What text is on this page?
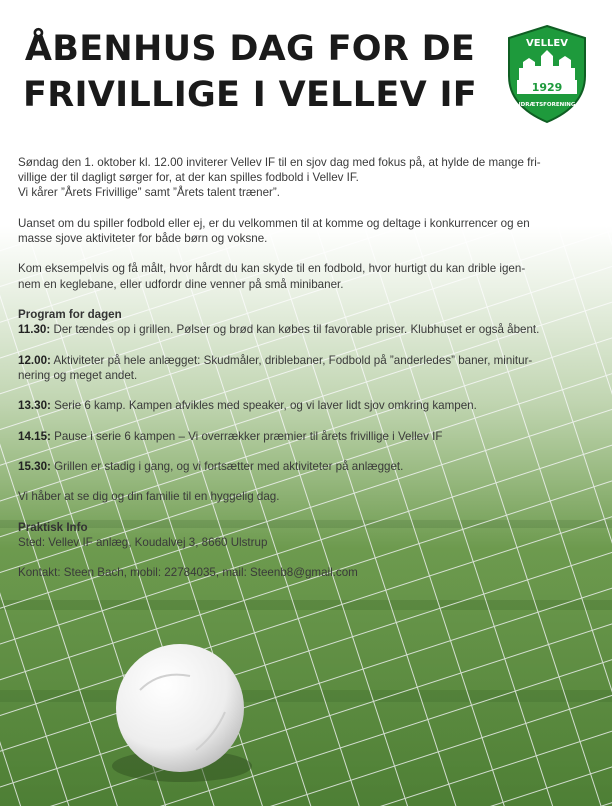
ÅBENHUS DAG FOR DE
FRIVILLIGE I VELLEV IF
VELLEV
1929
IDRÆTSFORENING

Søndag den 1. oktober kl. 12.00 inviterer Vellev IF til en sjov dag med fokus på, at hylde de mange fri-

villige der til dagligt sørger for, at der kan spilles fodbold i Vellev IF.

Vi kårer ”Årets Frivillige” samt ”Årets talent træner”.

Uanset om du spiller fodbold eller ej, er du velkommen til at komme og deltage i konkurrencer og en

masse sjove aktiviteter for både børn og voksne.

Kom eksempelvis og få målt, hvor hårdt du kan skyde til en fodbold, hvor hurtigt du kan drible igen-

nem en keglebane, eller udfordr dine venner på små minibaner.

Program for dagen

11.30: Der tændes op i grillen. Pølser og brød kan købes til favorable priser. Klubhuset er også åbent.

12.00: Aktiviteter på hele anlægget: Skudmåler, driblebaner, Fodbold på ”anderledes” baner, minitur-

nering og meget andet.

13.30: Serie 6 kamp. Kampen afvikles med speaker, og vi laver lidt sjov omkring kampen.

14.15: Pause i serie 6 kampen – Vi overrækker præmier til årets frivillige i Vellev IF

15.30: Grillen er stadig i gang, og vi fortsætter med aktiviteter på anlægget.

Vi håber at se dig og din familie til en hyggelig dag.

Praktisk Info

Sted: Vellev IF anlæg, Koudalvej 3, 8660 Ulstrup

Kontakt: Steen Bach, mobil: 22784035, mail: Steenb8@gmail.com
